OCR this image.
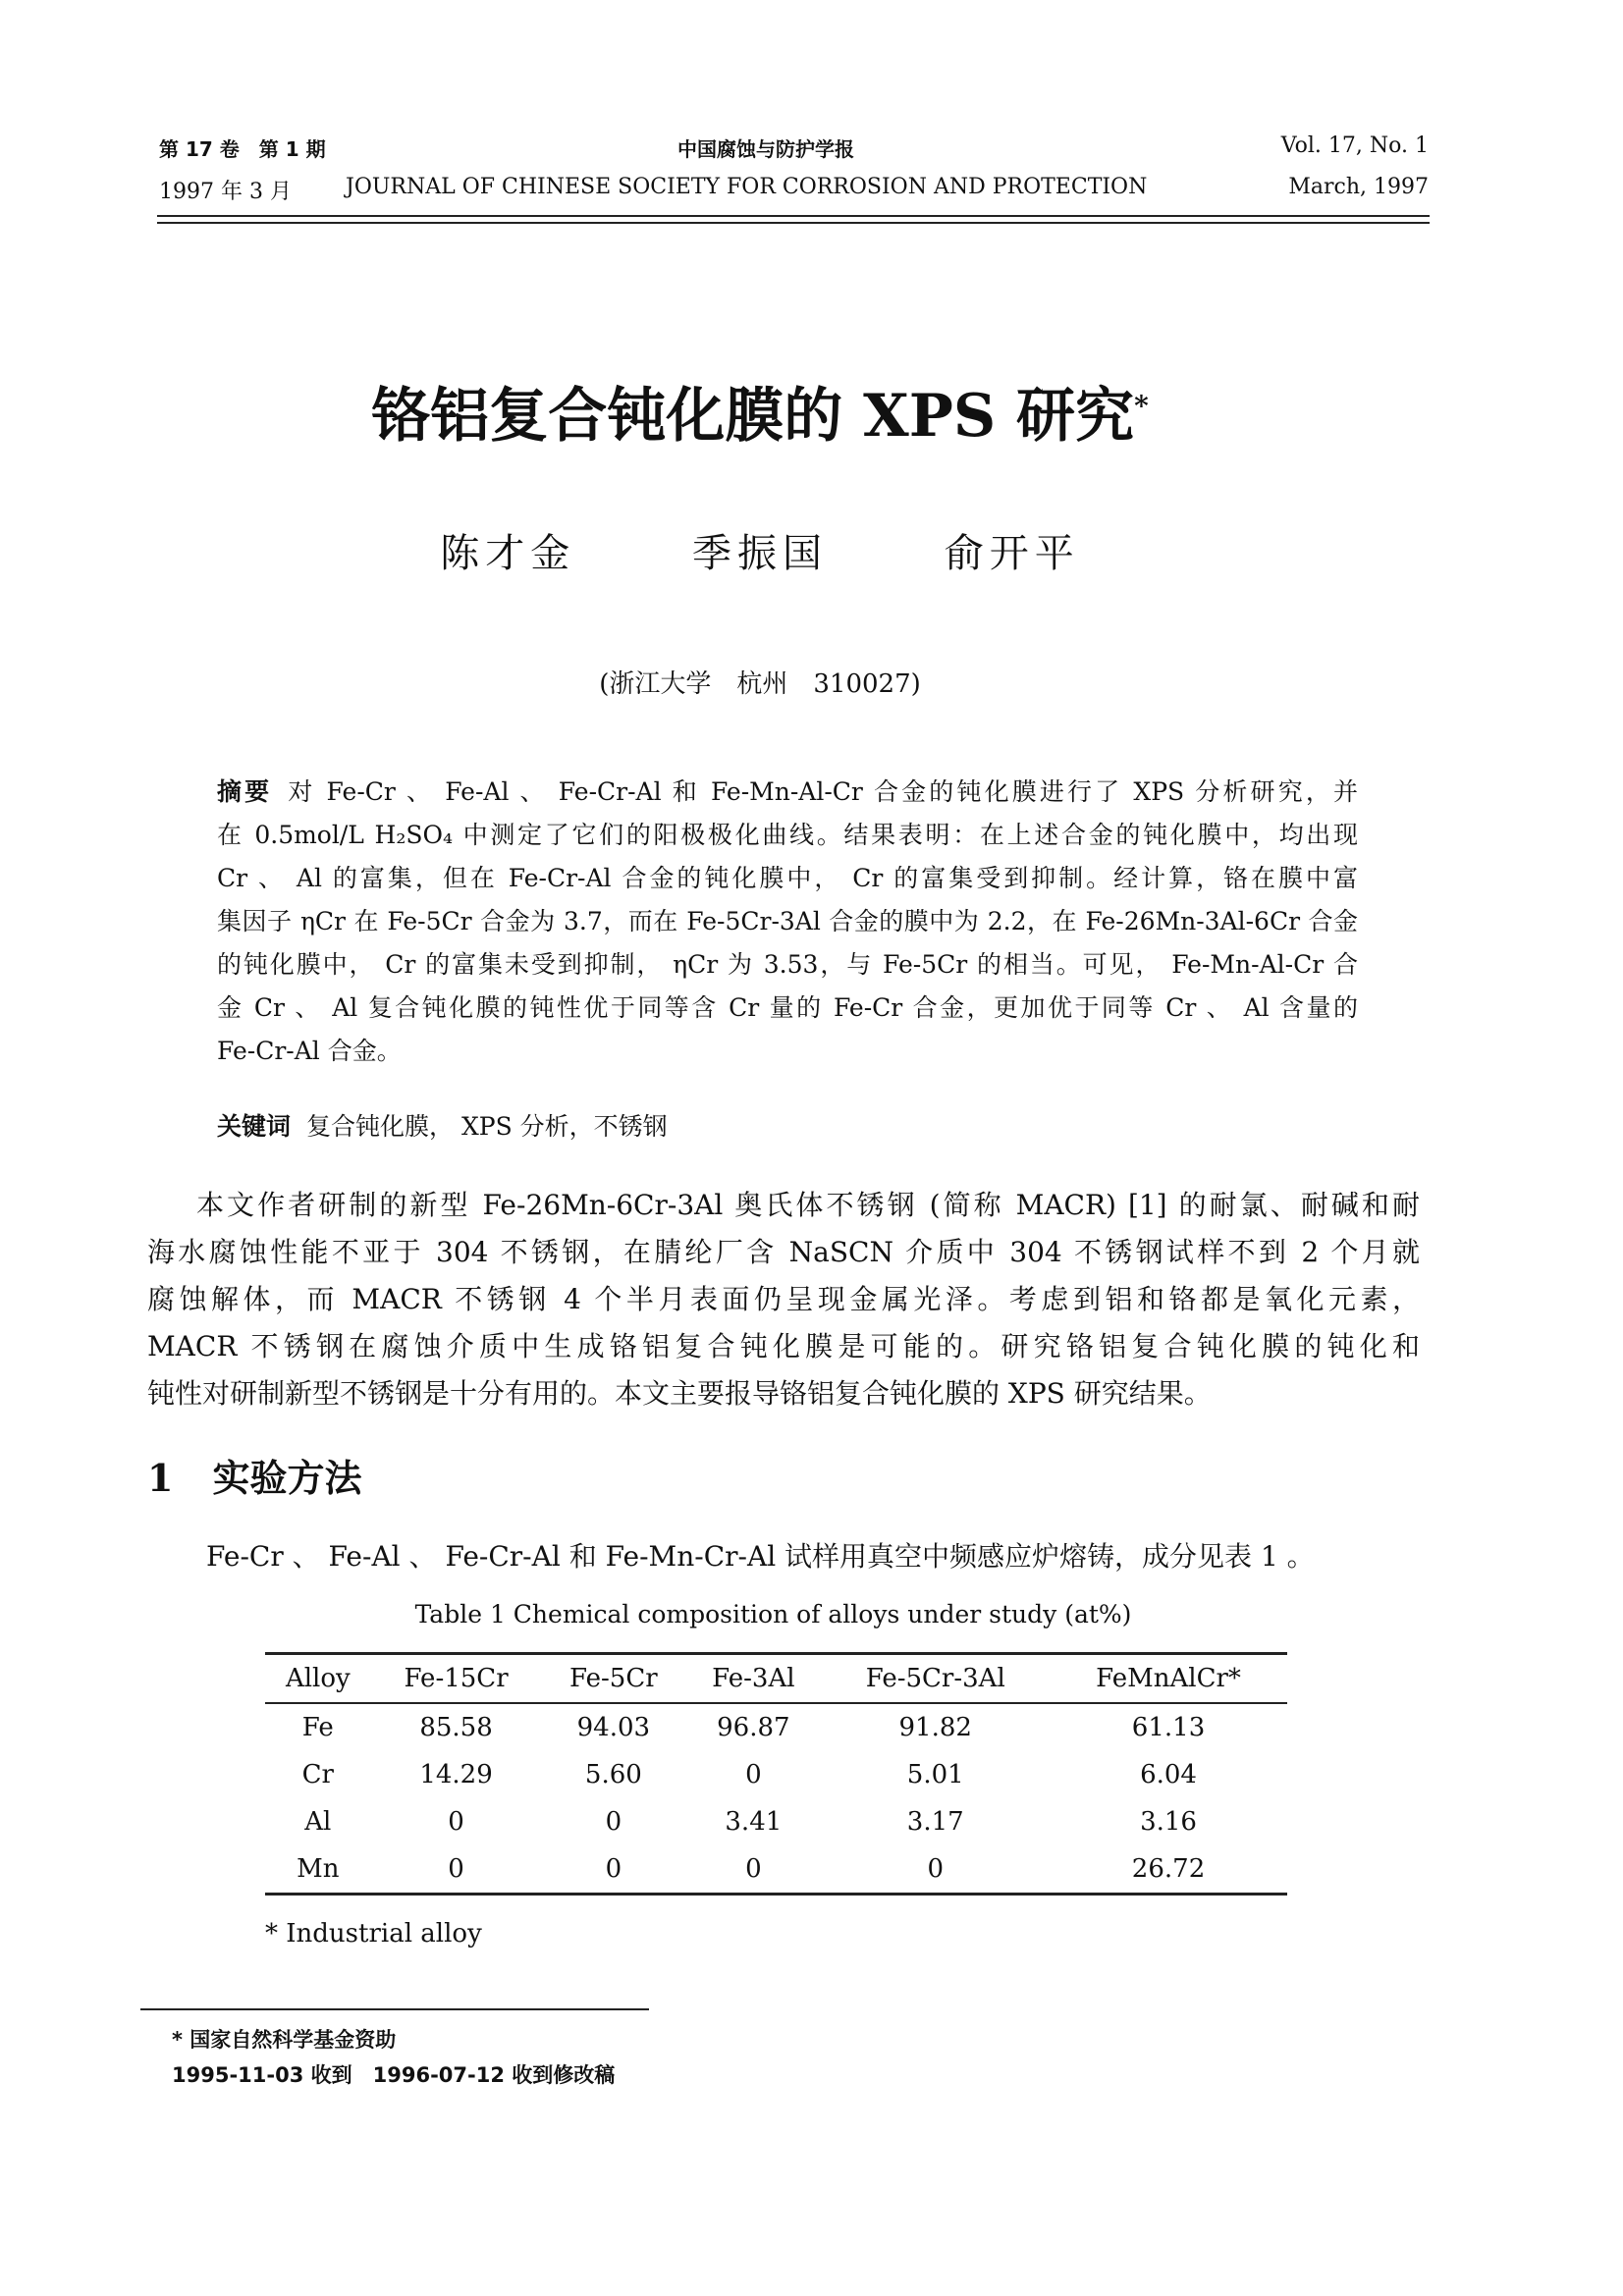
第 17 卷　第 1 期	中国腐蚀与防护学报	Vol. 17, No. 1
1997 年 3 月	JOURNAL OF CHINESE SOCIETY FOR CORROSION AND PROTECTION	March, 1997
铬铝复合钝化膜的 XPS 研究*
陈才金	季振国	俞开平
(浙江大学　杭州　310027)
摘要 对 Fe-Cr 、 Fe-Al 、 Fe-Cr-Al 和 Fe-Mn-Al-Cr 合金的钝化膜进行了 XPS 分析研究，并
在 0.5mol/L H₂SO₄ 中测定了它们的阳极极化曲线。结果表明：在上述合金的钝化膜中，均出现
Cr 、 Al 的富集，但在 Fe-Cr-Al 合金的钝化膜中， Cr 的富集受到抑制。经计算，铬在膜中富
集因子 ηCr 在 Fe-5Cr 合金为 3.7，而在 Fe-5Cr-3Al 合金的膜中为 2.2，在 Fe-26Mn-3Al-6Cr 合金
的钝化膜中， Cr 的富集未受到抑制， ηCr 为 3.53，与 Fe-5Cr 的相当。可见， Fe-Mn-Al-Cr 合
金 Cr 、 Al 复合钝化膜的钝性优于同等含 Cr 量的 Fe-Cr 合金，更加优于同等 Cr 、 Al 含量的
Fe-Cr-Al 合金。
关键词 复合钝化膜， XPS 分析，不锈钢
本文作者研制的新型 Fe-26Mn-6Cr-3Al 奥氏体不锈钢 (简称 MACR) [1] 的耐氯、耐碱和耐
海水腐蚀性能不亚于 304 不锈钢，在腈纶厂含 NaSCN 介质中 304 不锈钢试样不到 2 个月就
腐蚀解体，而 MACR 不锈钢 4 个半月表面仍呈现金属光泽。考虑到铝和铬都是氧化元素，
MACR 不锈钢在腐蚀介质中生成铬铝复合钝化膜是可能的。研究铬铝复合钝化膜的钝化和
钝性对研制新型不锈钢是十分有用的。本文主要报导铬铝复合钝化膜的 XPS 研究结果。
1 实验方法
Fe-Cr 、 Fe-Al 、 Fe-Cr-Al 和 Fe-Mn-Cr-Al 试样用真空中频感应炉熔铸，成分见表 1 。
Table 1 Chemical composition of alloys under study (at%)
Alloy	Fe-15Cr	Fe-5Cr	Fe-3Al	Fe-5Cr-3Al	FeMnAlCr*
Fe	85.58	94.03	96.87	91.82	61.13
Cr	14.29	5.60	0	5.01	6.04
Al	0	0	3.41	3.17	3.16
Mn	0	0	0	0	26.72
* Industrial alloy
* 国家自然科学基金资助
1995-11-03 收到　1996-07-12 收到修改稿
